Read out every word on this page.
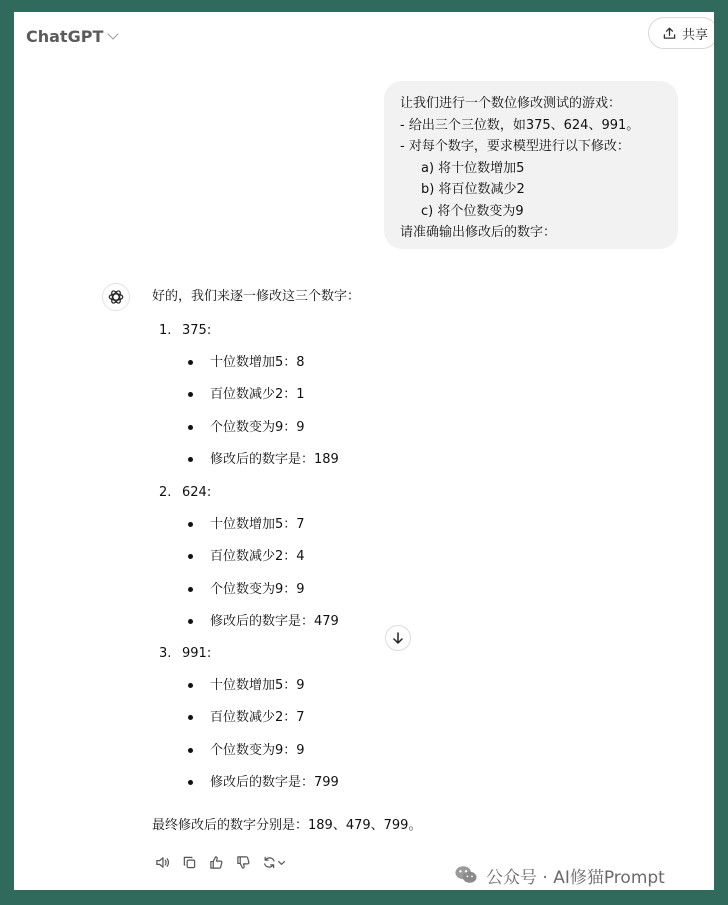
ChatGPT	共享
让我们进行一个数位修改测试的游戏：
- 给出三个三位数，如375、624、991。
- 对每个数字，要求模型进行以下修改：
a) 将十位数增加5
b) 将百位数减少2
c) 将个位数变为9
请准确输出修改后的数字：
好的，我们来逐一修改这三个数字：
1. 375:
十位数增加5：8
百位数减少2：1
个位数变为9：9
修改后的数字是：189
2. 624:
十位数增加5：7
百位数减少2：4
个位数变为9：9
修改后的数字是：479
3. 991:
十位数增加5：9
百位数减少2：7
个位数变为9：9
修改后的数字是：799
最终修改后的数字分别是：189、479、799。
公众号 · AI修猫Prompt
